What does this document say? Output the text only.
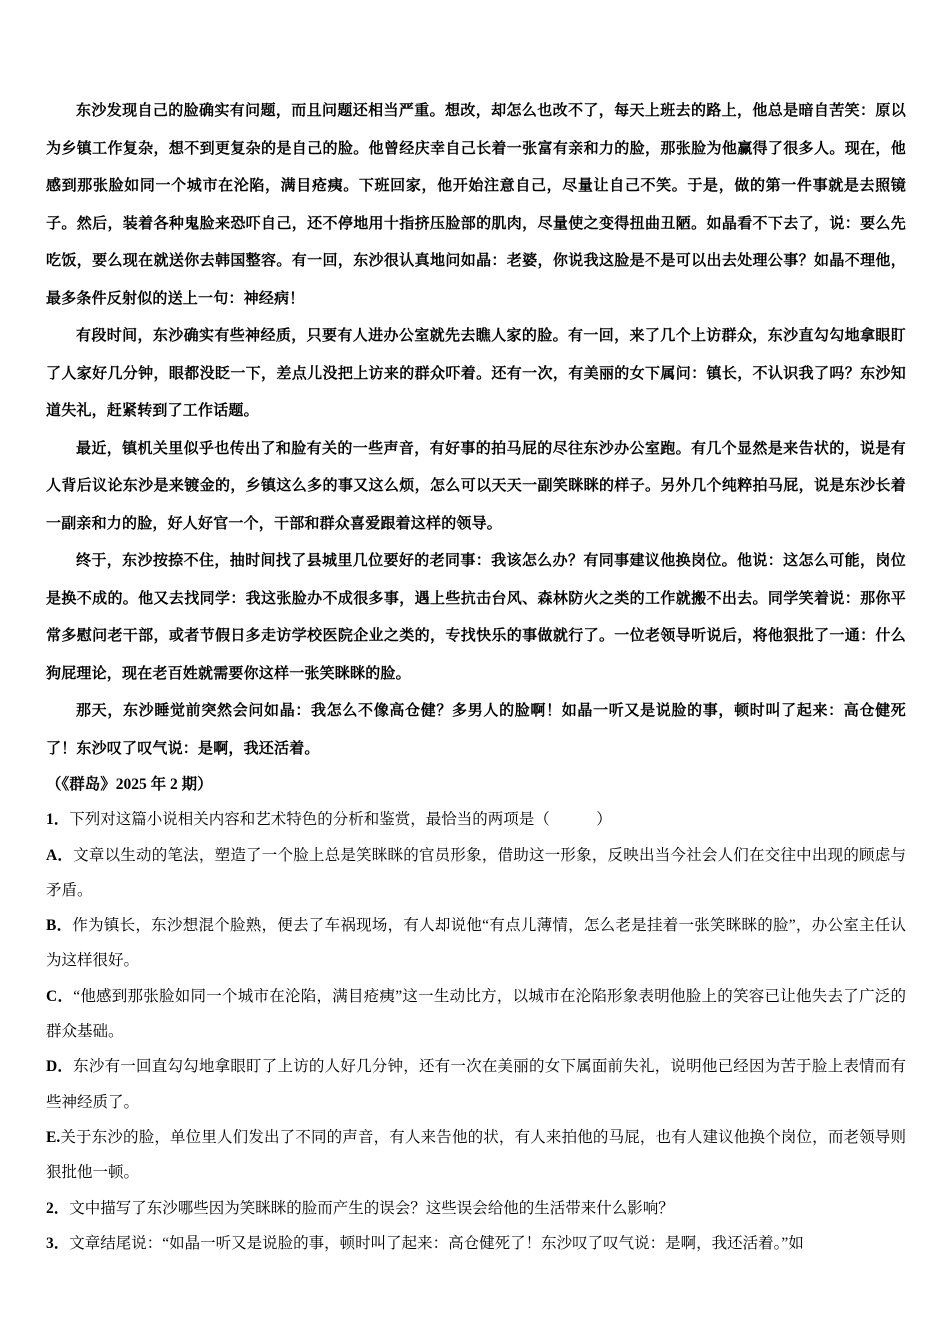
东沙发现自己的脸确实有问题，而且问题还相当严重。想改，却怎么也改不了，每天上班去的路上，他总是暗自苦笑：原以为乡镇工作复杂，想不到更复杂的是自己的脸。他曾经庆幸自己长着一张富有亲和力的脸，那张脸为他赢得了很多人。现在，他感到那张脸如同一个城市在沦陷，满目疮痍。下班回家，他开始注意自己，尽量让自己不笑。于是，做的第一件事就是去照镜子。然后，装着各种鬼脸来恐吓自己，还不停地用十指挤压脸部的肌肉，尽量使之变得扭曲丑陋。如晶看不下去了，说：要么先吃饭，要么现在就送你去韩国整容。有一回，东沙很认真地问如晶：老婆，你说我这脸是不是可以出去处理公事？如晶不理他，最多条件反射似的送上一句：神经病！

有段时间，东沙确实有些神经质，只要有人进办公室就先去瞧人家的脸。有一回，来了几个上访群众，东沙直勾勾地拿眼盯了人家好几分钟，眼都没眨一下，差点儿没把上访来的群众吓着。还有一次，有美丽的女下属问：镇长，不认识我了吗？东沙知道失礼，赶紧转到了工作话题。

最近，镇机关里似乎也传出了和脸有关的一些声音，有好事的拍马屁的尽往东沙办公室跑。有几个显然是来告状的，说是有人背后议论东沙是来镀金的，乡镇这么多的事又这么烦，怎么可以天天一副笑眯眯的样子。另外几个纯粹拍马屁，说是东沙长着一副亲和力的脸，好人好官一个，干部和群众喜爱跟着这样的领导。

终于，东沙按捺不住，抽时间找了县城里几位要好的老同事：我该怎么办？有同事建议他换岗位。他说：这怎么可能，岗位是换不成的。他又去找同学：我这张脸办不成很多事，遇上些抗击台风、森林防火之类的工作就搬不出去。同学笑着说：那你平常多慰问老干部，或者节假日多走访学校医院企业之类的，专找快乐的事做就行了。一位老领导听说后，将他狠批了一通：什么狗屁理论，现在老百姓就需要你这样一张笑眯眯的脸。

那天，东沙睡觉前突然会问如晶：我怎么不像高仓健？多男人的脸啊！如晶一听又是说脸的事，顿时叫了起来：高仓健死了！东沙叹了叹气说：是啊，我还活着。

（《群岛》2025 年 2 期）

1．下列对这篇小说相关内容和艺术特色的分析和鉴赏，最恰当的两项是（　　　）

A．文章以生动的笔法，塑造了一个脸上总是笑眯眯的官员形象，借助这一形象，反映出当今社会人们在交往中出现的顾虑与矛盾。

B．作为镇长，东沙想混个脸熟，便去了车祸现场，有人却说他“有点儿薄情，怎么老是挂着一张笑眯眯的脸”，办公室主任认为这样很好。

C．“他感到那张脸如同一个城市在沦陷，满目疮痍”这一生动比方，以城市在沦陷形象表明他脸上的笑容已让他失去了广泛的群众基础。

D．东沙有一回直勾勾地拿眼盯了上访的人好几分钟，还有一次在美丽的女下属面前失礼，说明他已经因为苦于脸上表情而有些神经质了。

E.关于东沙的脸，单位里人们发出了不同的声音，有人来告他的状，有人来拍他的马屁，也有人建议他换个岗位，而老领导则狠批他一顿。

2．文中描写了东沙哪些因为笑眯眯的脸而产生的误会？这些误会给他的生活带来什么影响？

3．文章结尾说：“如晶一听又是说脸的事，顿时叫了起来：高仓健死了！东沙叹了叹气说：是啊，我还活着。”如
